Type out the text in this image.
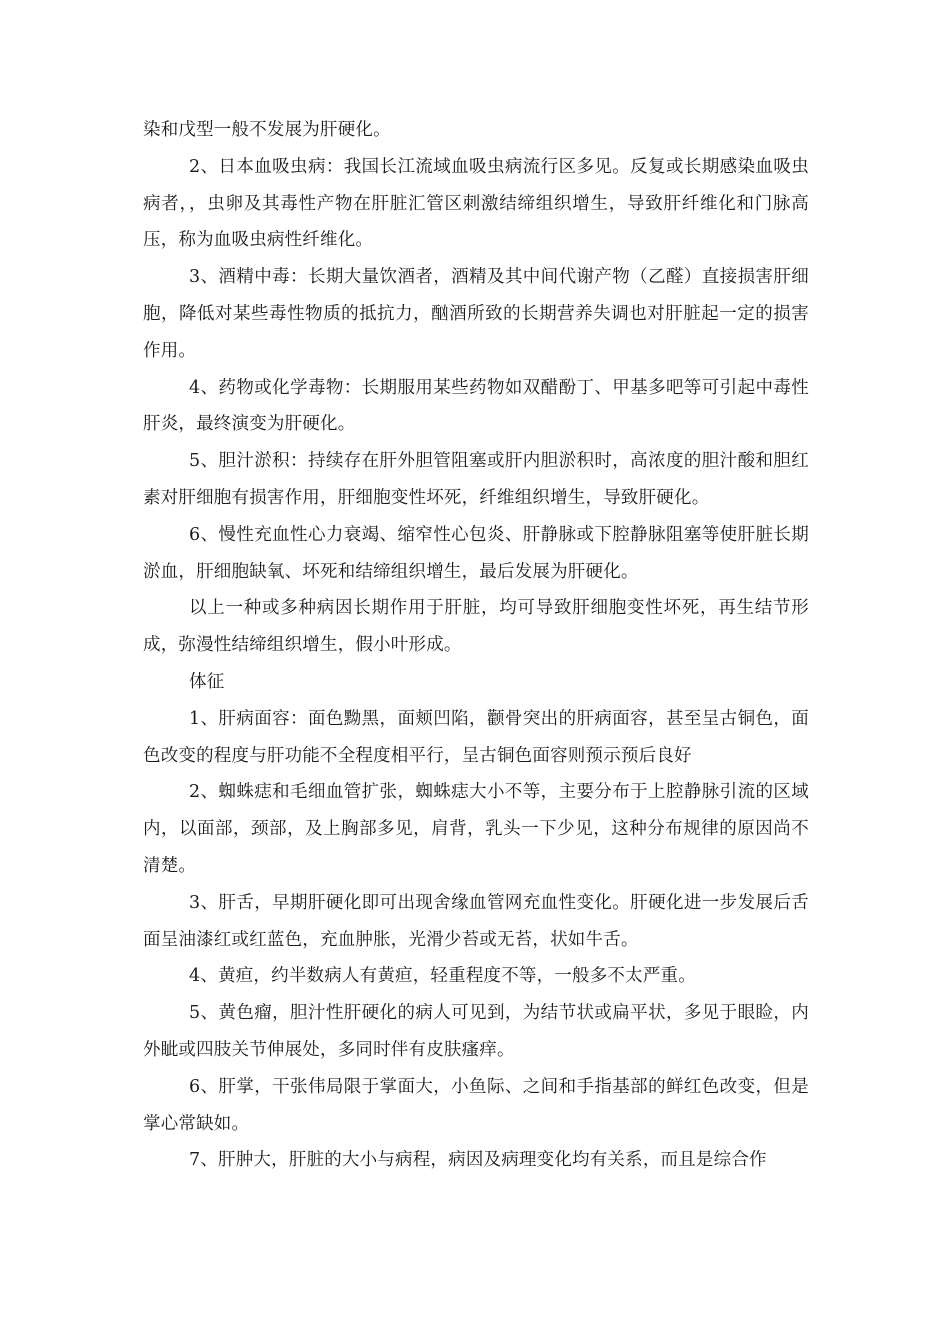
染和戊型一般不发展为肝硬化。

2、日本血吸虫病：我国长江流域血吸虫病流行区多见。反复或长期感染血吸虫病者，，虫卵及其毒性产物在肝脏汇管区刺激结缔组织增生，导致肝纤维化和门脉高压，称为血吸虫病性纤维化。

3、酒精中毒：长期大量饮酒者，酒精及其中间代谢产物（乙醛）直接损害肝细胞，降低对某些毒性物质的抵抗力，酗酒所致的长期营养失调也对肝脏起一定的损害作用。

4、药物或化学毒物：长期服用某些药物如双醋酚丁、甲基多吧等可引起中毒性肝炎，最终演变为肝硬化。

5、胆汁淤积：持续存在肝外胆管阻塞或肝内胆淤积时，高浓度的胆汁酸和胆红素对肝细胞有损害作用，肝细胞变性坏死，纤维组织增生，导致肝硬化。

6、慢性充血性心力衰竭、缩窄性心包炎、肝静脉或下腔静脉阻塞等使肝脏长期淤血，肝细胞缺氧、坏死和结缔组织增生，最后发展为肝硬化。

以上一种或多种病因长期作用于肝脏，均可导致肝细胞变性坏死，再生结节形成，弥漫性结缔组织增生，假小叶形成。

体征

1、肝病面容：面色黝黑，面颊凹陷，颧骨突出的肝病面容，甚至呈古铜色，面色改变的程度与肝功能不全程度相平行，呈古铜色面容则预示预后良好

2、蜘蛛痣和毛细血管扩张，蜘蛛痣大小不等，主要分布于上腔静脉引流的区域内，以面部，颈部，及上胸部多见，肩背，乳头一下少见，这种分布规律的原因尚不清楚。

3、肝舌，早期肝硬化即可出现舍缘血管网充血性变化。肝硬化进一步发展后舌面呈油漆红或红蓝色，充血肿胀，光滑少苔或无苔，状如牛舌。

4、黄疸，约半数病人有黄疸，轻重程度不等，一般多不太严重。

5、黄色瘤，胆汁性肝硬化的病人可见到，为结节状或扁平状，多见于眼睑，内外眦或四肢关节伸展处，多同时伴有皮肤瘙痒。

6、肝掌，干张伟局限于掌面大，小鱼际、之间和手指基部的鲜红色改变，但是掌心常缺如。

7、肝肿大，肝脏的大小与病程，病因及病理变化均有关系，而且是综合作
